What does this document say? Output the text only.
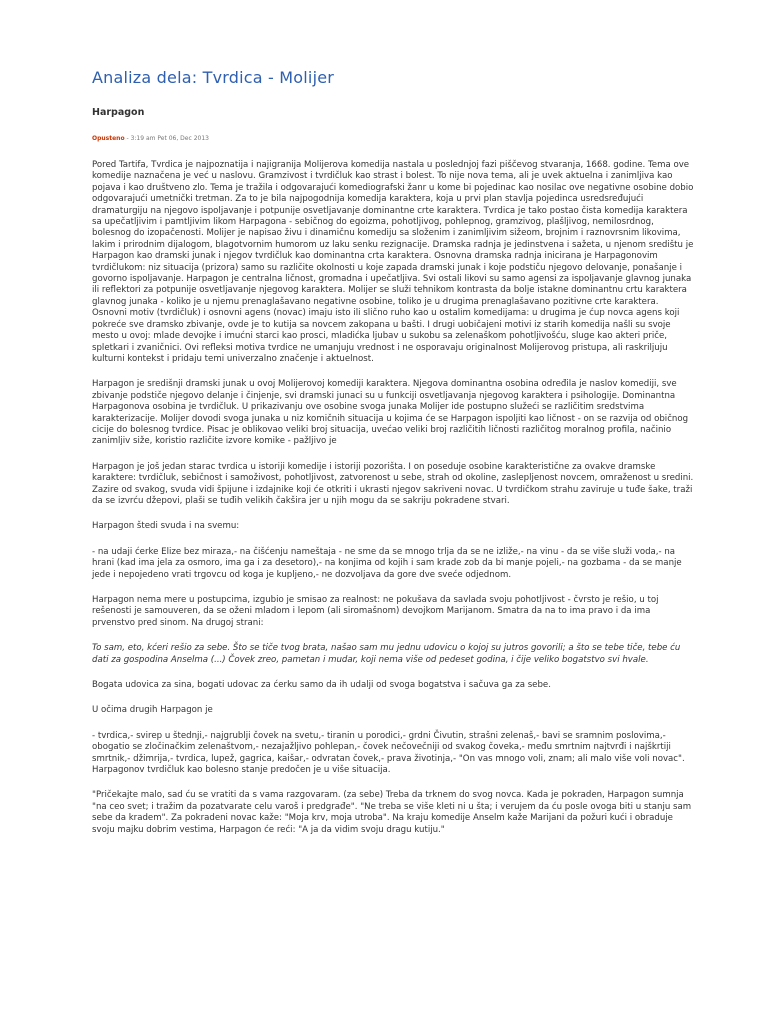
Analiza dela: Tvrdica - Molijer
Harpagon
Opusteno - 3:19 am Pet 06, Dec 2013

Pored Tartifa, Tvrdica je najpoznatija i najigranija Molijerova komedija nastala u poslednjoj fazi piščevog stvaranja, 1668. godine. Tema ove komedije naznačena je već u naslovu. Gramzivost i tvrdičluk kao strast i bolest. To nije nova tema, ali je uvek aktuelna i zanimljiva kao pojava i kao društveno zlo. Tema je tražila i odgovarajući komediografski žanr u kome bi pojedinac kao nosilac ove negativne osobine dobio odgovarajući umetnički tretman. Za to je bila najpogodnija komedija karaktera, koja u prvi plan stavlja pojedinca usredsređujući dramaturgiju na njegovo ispoljavanje i potpunije osvetljavanje dominantne crte karaktera. Tvrdica je tako postao čista komedija karaktera sa upečatljivim i pamtljivim likom Harpagona - sebičnog do egoizma, pohotljivog, pohlepnog, gramzivog, plašljivog, nemilosrdnog, bolesnog do izopačenosti. Molijer je napisao živu i dinamičnu komediju sa složenim i zanimljivim sižeom, brojnim i raznovrsnim likovima, lakim i prirodnim dijalogom, blagotvornim humorom uz laku senku rezignacije. Dramska radnja je jedinstvena i sažeta, u njenom središtu je Harpagon kao dramski junak i njegov tvrdičluk kao dominantna crta karaktera. Osnovna dramska radnja inicirana je Harpagonovim tvrdičlukom: niz situacija (prizora) samo su različite okolnosti u koje zapada dramski junak i koje podstiču njegovo delovanje, ponašanje i govorno ispoljavanje. Harpagon je centralna ličnost, gromadna i upečatljiva. Svi ostali likovi su samo agensi za ispoljavanje glavnog junaka ili reflektori za potpunije osvetljavanje njegovog karaktera. Molijer se služi tehnikom kontrasta da bolje istakne dominantnu crtu karaktera glavnog junaka - koliko je u njemu prenaglašavano negativne osobine, toliko je u drugima prenaglašavano pozitivne crte karaktera. Osnovni motiv (tvrdičluk) i osnovni agens (novac) imaju isto ili slično ruho kao u ostalim komedijama: u drugima je ćup novca agens koji pokreće sve dramsko zbivanje, ovde je to kutija sa novcem zakopana u bašti. I drugi uobičajeni motivi iz starih komedija našli su svoje mesto u ovoj: mlade devojke i imućni starci kao prosci, mladićka ljubav u sukobu sa zelenaškom pohotljivošću, sluge kao akteri priče, spletkari i zvaničnici. Ovi refleksi motiva tvrdice ne umanjuju vrednost i ne osporavaju originalnost Molijerovog pristupa, ali raskriljuju kulturni kontekst i pridaju temi univerzalno značenje i aktuelnost.

Harpagon je središnji dramski junak u ovoj Molijerovoj komediji karaktera. Njegova dominantna osobina određila je naslov komediji, sve zbivanje podstiče njegovo delanje i činjenje, svi dramski junaci su u funkciji osvetljavanja njegovog karaktera i psihologije. Dominantna Harpagonova osobina je tvrdičluk. U prikazivanju ove osobine svoga junaka Molijer ide postupno služeći se različitim sredstvima karakterizacije. Molijer dovodi svoga junaka u niz komičnih situacija u kojima će se Harpagon ispoljiti kao ličnost - on se razvija od običnog cicije do bolesnog tvrdice. Pisac je oblikovao veliki broj situacija, uvećao veliki broj različitih ličnosti različitog moralnog profila, načinio zanimljiv siže, koristio različite izvore komike - pažljivo je

Harpagon je još jedan starac tvrdica u istoriji komedije i istoriji pozorišta. I on poseduje osobine karakteristične za ovakve dramske karaktere: tvrdičluk, sebičnost i samoživost, pohotljivost, zatvorenost u sebe, strah od okoline, zaslepljenost novcem, omraženost u sredini. Zazire od svakog, svuda vidi špijune i izdajnike koji će otkriti i ukrasti njegov sakriveni novac. U tvrdičkom strahu zaviruje u tuđe šake, traži da se izvrću džepovi, plaši se tuđih velikih čakšira jer u njih mogu da se sakriju pokradene stvari.

Harpagon štedi svuda i na svemu:

- na udaji ćerke Elize bez miraza,- na čišćenju nameštaja - ne sme da se mnogo trlja da se ne izliže,- na vinu - da se više služi voda,- na hrani (kad ima jela za osmoro, ima ga i za desetoro),- na konjima od kojih i sam krade zob da bi manje pojeli,- na gozbama - da se manje jede i nepojedeno vrati trgovcu od koga je kupljeno,- ne dozvoljava da gore dve sveće odjednom.

Harpagon nema mere u postupcima, izgubio je smisao za realnost: ne pokušava da savlada svoju pohotljivost - čvrsto je rešio, u toj rešenosti je samouveren, da se oženi mladom i lepom (ali siromašnom) devojkom Marijanom. Smatra da na to ima pravo i da ima prvenstvo pred sinom. Na drugoj strani:

To sam, eto, kćeri rešio za sebe. Što se tiče tvog brata, našao sam mu jednu udovicu o kojoj su jutros govorili; a što se tebe tiče, tebe ću dati za gospodina Anselma (...) Čovek zreo, pametan i mudar, koji nema više od pedeset godina, i čije veliko bogatstvo svi hvale.

Bogata udovica za sina, bogati udovac za ćerku samo da ih udalji od svoga bogatstva i sačuva ga za sebe.

U očima drugih Harpagon je

- tvrdica,- svirep u štednji,- najgrublji čovek na svetu,- tiranin u porodici,- grdni Čivutin, strašni zelenaš,- bavi se sramnim poslovima,- obogatio se zločinačkim zelenaštvom,- nezajažljivo pohlepan,- čovek nečovečniji od svakog čoveka,- među smrtnim najtvrđi i najškrtiji smrtnik,- džimrija,- tvrdica, lupež, gagrica, kaišar,- odvratan čovek,- prava životinja,- "On vas mnogo voli, znam; ali malo više voli novac". Harpagonov tvrdičluk kao bolesno stanje predočen je u više situacija.

"Pričekajte malo, sad ću se vratiti da s vama razgovaram. (za sebe) Treba da trknem do svog novca. Kada je pokraden, Harpagon sumnja "na ceo svet; i tražim da pozatvarate celu varoš i predgrađe". "Ne treba se više kleti ni u šta; i verujem da ću posle ovoga biti u stanju sam sebe da kradem". Za pokradeni novac kaže: "Moja krv, moja utroba". Na kraju komedije Anselm kaže Marijani da požuri kući i obraduje svoju majku dobrim vestima, Harpagon će reći: "A ja da vidim svoju dragu kutiju."
